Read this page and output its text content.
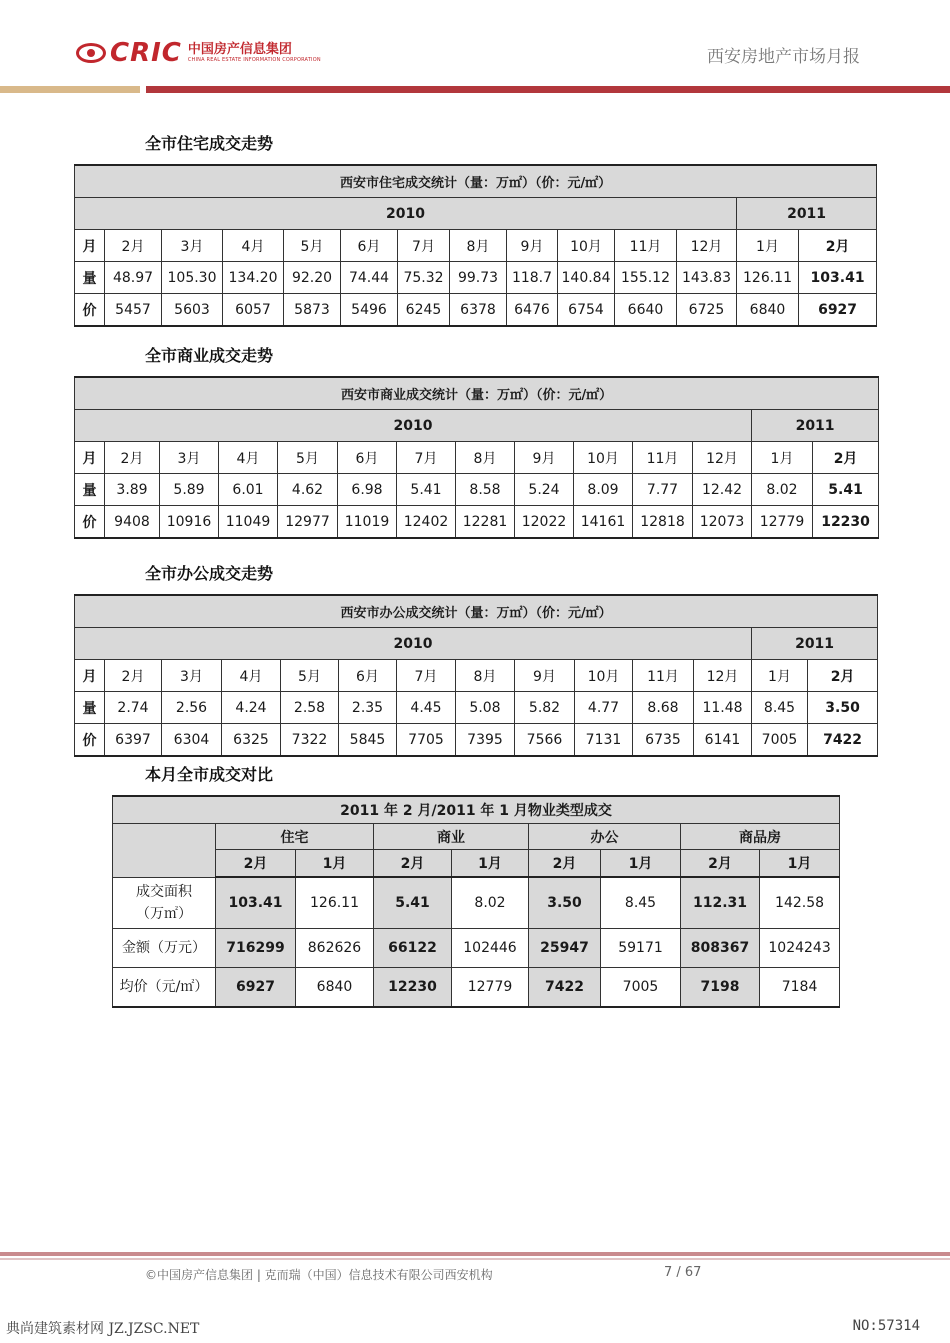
CRIC 中国房产信息集团
CHINA REAL ESTATE INFORMATION CORPORATION	西安房地产市场月报
全市住宅成交走势
西安市住宅成交统计（量：万㎡）（价：元/㎡）													
2010												2011	
月	2月	3月	4月	5月	6月	7月	8月	9月	10月	11月	12月	1月	2月
量	48.97	105.30	134.20	92.20	74.44	75.32	99.73	118.7	140.84	155.12	143.83	126.11	103.41
价	5457	5603	6057	5873	5496	6245	6378	6476	6754	6640	6725	6840	6927
全市商业成交走势
西安市商业成交统计（量：万㎡）（价：元/㎡）													
2010												2011	
月	2月	3月	4月	5月	6月	7月	8月	9月	10月	11月	12月	1月	2月
量	3.89	5.89	6.01	4.62	6.98	5.41	8.58	5.24	8.09	7.77	12.42	8.02	5.41
价	9408	10916	11049	12977	11019	12402	12281	12022	14161	12818	12073	12779	12230
全市办公成交走势
西安市办公成交统计（量：万㎡）（价：元/㎡）													
2010												2011	
月	2月	3月	4月	5月	6月	7月	8月	9月	10月	11月	12月	1月	2月
量	2.74	2.56	4.24	2.58	2.35	4.45	5.08	5.82	4.77	8.68	11.48	8.45	3.50
价	6397	6304	6325	7322	5845	7705	7395	7566	7131	6735	6141	7005	7422
本月全市成交对比
2011 年 2 月/2011 年 1 月物业类型成交								
	住宅		商业		办公		商品房	
	2月	1月	2月	1月	2月	1月	2月	1月
成交面积
（万㎡）	103.41	126.11	5.41	8.02	3.50	8.45	112.31	142.58
金额（万元）	716299	862626	66122	102446	25947	59171	808367	1024243
均价（元/㎡）	6927	6840	12230	12779	7422	7005	7198	7184
©中国房产信息集团 | 克而瑞（中国）信息技术有限公司西安机构	7 / 67
典尚建筑素材网 JZ.JZSC.NET	NO:57314
